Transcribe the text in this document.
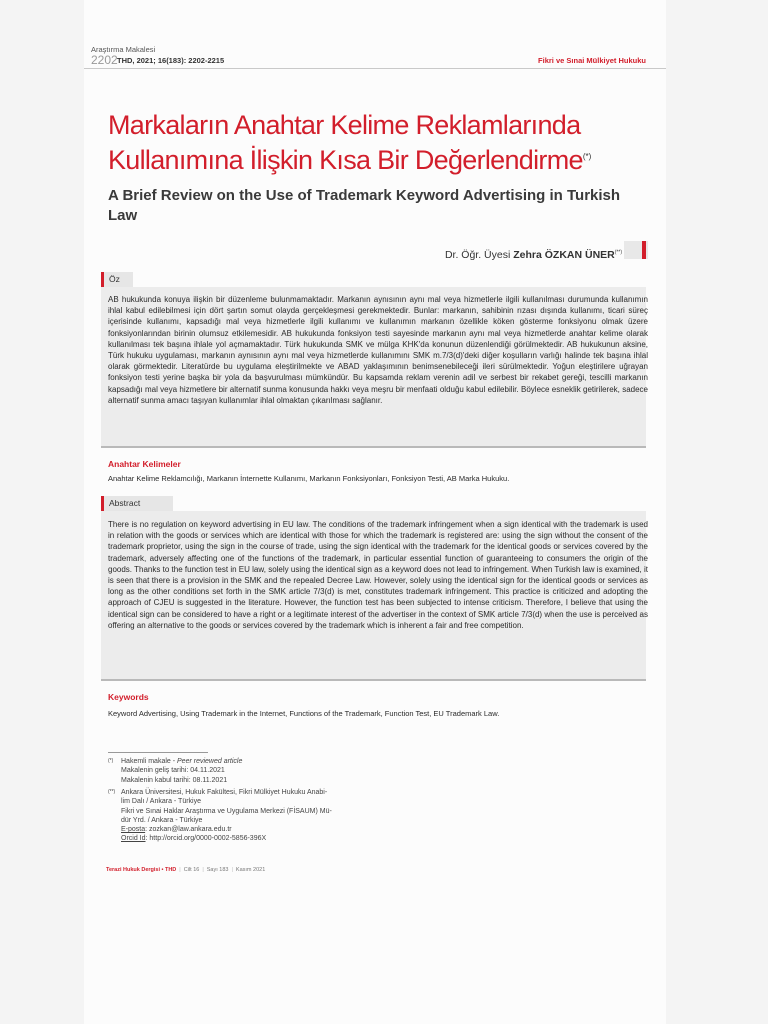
Araştırma Makalesi
2202 THD, 2021; 16(183): 2202-2215	Fikri ve Sınai Mülkiyet Hukuku
Markaların Anahtar Kelime Reklamlarında
Kullanımına İlişkin Kısa Bir Değerlendirme(*)
A Brief Review on the Use of Trademark Keyword Advertising in Turkish Law
Dr. Öğr. Üyesi Zehra ÖZKAN ÜNER(**)
Öz

AB hukukunda konuya ilişkin bir düzenleme bulunmamaktadır. Markanın aynısının aynı mal veya hizmetlerle ilgili kullanılması durumunda kullanımın ihlal kabul edilebilmesi için dört şartın somut olayda gerçekleşmesi gerekmektedir. Bunlar: markanın, sahibinin rızası dışında kullanımı, ticari süreç içerisinde kullanımı, kapsadığı mal veya hizmetlerle ilgili kullanımı ve kullanımın markanın özellikle köken gösterme fonksiyonu olmak üzere fonksiyonlarından birinin olumsuz etkilemesidir. AB hukukunda fonksiyon testi sayesinde markanın aynı mal veya hizmetlerde anahtar kelime olarak kullanılması tek başına ihlale yol açmamaktadır. Türk hukukunda SMK ve mülga KHK'da konunun düzenlendiği görülmektedir. AB hukukunun aksine, Türk hukuku uygulaması, markanın aynısının aynı mal veya hizmetlerde kullanımını SMK m.7/3(d)'deki diğer koşulların varlığı halinde tek başına ihlal olarak görmektedir. Literatürde bu uygulama eleştirilmekte ve ABAD yaklaşımının benimsenebileceği ileri sürülmektedir. Yoğun eleştirilere uğrayan fonksiyon testi yerine başka bir yola da başvurulması mümkündür. Bu kapsamda reklam verenin adil ve serbest bir rekabet gereği, tescilli markanın kapsadığı mal veya hizmetlere bir alternatif sunma konusunda hakkı veya meşru bir menfaati olduğu kabul edilebilir. Böylece esneklik getirilerek, sadece alternatif sunma amacı taşıyan kullanımlar ihlal olmaktan çıkarılması sağlanır.

Anahtar Kelimeler
Anahtar Kelime Reklamcılığı, Markanın İnternette Kullanımı, Markanın Fonksiyonları, Fonksiyon Testi, AB Marka Hukuku.
Abstract

There is no regulation on keyword advertising in EU law. The conditions of the trademark infringement when a sign identical with the trademark is used in relation with the goods or services which are identical with those for which the trademark is registered are: using the sign without the consent of the trademark proprietor, using the sign in the course of trade, using the sign identical with the trademark for the identical goods or services covered by the trademark, adversely affecting one of the functions of the trademark, in particular essential function of guaranteeing to consumers the origin of the goods. Thanks to the function test in EU law, solely using the identical sign as a keyword does not lead to infringement. When Turkish law is examined, it is seen that there is a provision in the SMK and the repealed Decree Law. However, solely using the identical sign for the identical goods or services as long as the other conditions set forth in the SMK article 7/3(d) is met, constitutes trademark infringement. This practice is criticized and adopting the approach of CJEU is suggested in the literature. However, the function test has been subjected to intense criticism. Therefore, I believe that using the identical sign can be considered to have a right or a legitimate interest of the advertiser in the context of SMK article 7/3(d) when the use is perceived as offering an alternative to the goods or services covered by the trademark which is inherent a fair and free competition.

Keywords
Keyword Advertising, Using Trademark in the Internet, Functions of the Trademark, Function Test, EU Trademark Law.
(*) Hakemli makale - Peer reviewed article
Makalenin geliş tarihi: 04.11.2021
Makalenin kabul tarihi: 08.11.2021
(**) Ankara Üniversitesi, Hukuk Fakültesi, Fikri Mülkiyet Hukuku Anabi-
lim Dalı / Ankara - Türkiye
Fikri ve Sınai Haklar Araştırma ve Uygulama Merkezi (FİSAUM) Mü-
dür Yrd. / Ankara - Türkiye
E-posta: zozkan@law.ankara.edu.tr
Orcid Id: http://orcid.org/0000-0002-5856-396X
Terazi Hukuk Dergisi • THD | Cilt 16 | Sayı 183 | Kasım 2021
